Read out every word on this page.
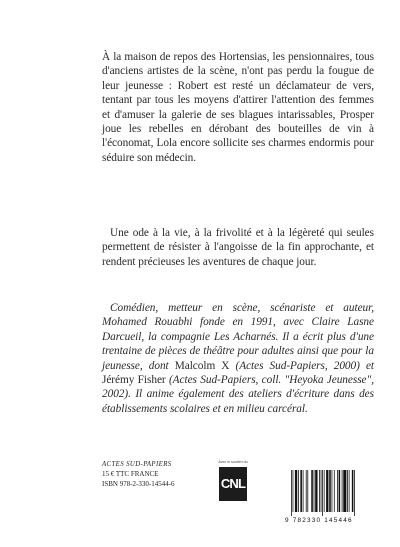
À la maison de repos des Hortensias, les pensionnaires, tous d'anciens artistes de la scène, n'ont pas perdu la fougue de leur jeunesse : Robert est resté un déclamateur de vers, tentant par tous les moyens d'attirer l'attention des femmes et d'amuser la galerie de ses blagues intarissables, Prosper joue les rebelles en dérobant des bouteilles de vin à l'économat, Lola encore sollicite ses charmes endormis pour séduire son médecin.

Une ode à la vie, à la frivolité et à la légèreté qui seules permettent de résister à l'angoisse de la fin approchante, et rendent précieuses les aventures de chaque jour.

Comédien, metteur en scène, scénariste et auteur, Mohamed Rouabhi fonde en 1991, avec Claire Lasne Darcueil, la compagnie Les Acharnés. Il a écrit plus d'une trentaine de pièces de théâtre pour adultes ainsi que pour la jeunesse, dont Malcolm X (Actes Sud-Papiers, 2000) et Jérémy Fisher (Actes Sud-Papiers, coll. "Heyoka Jeunesse", 2002). Il anime également des ateliers d'écriture dans des établissements scolaires et en milieu carcéral.

ACTES SUD-PAPIERS
15 € TTC FRANCE
ISBN 978-2-330-14544-6
Avec le soutien du
CNL
9 782330 145446
